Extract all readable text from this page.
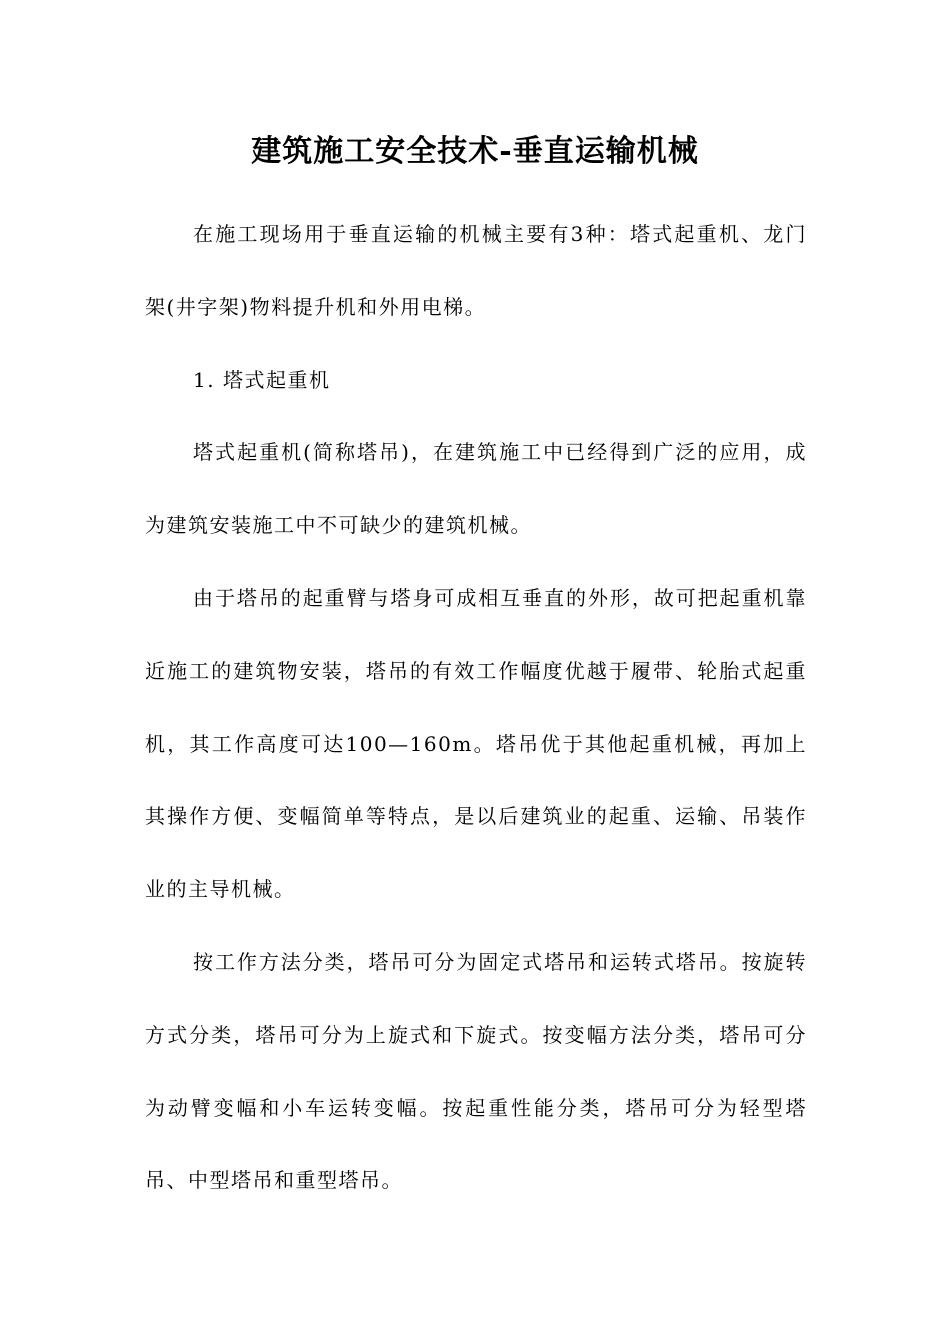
建筑施工安全技术-垂直运输机械

在施工现场用于垂直运输的机械主要有3种：塔式起重机、龙门架(井字架)物料提升机和外用电梯。

1. 塔式起重机

塔式起重机(简称塔吊)，在建筑施工中已经得到广泛的应用，成为建筑安装施工中不可缺少的建筑机械。

由于塔吊的起重臂与塔身可成相互垂直的外形，故可把起重机靠近施工的建筑物安装，塔吊的有效工作幅度优越于履带、轮胎式起重机，其工作高度可达100—160m。塔吊优于其他起重机械，再加上其操作方便、变幅简单等特点，是以后建筑业的起重、运输、吊装作业的主导机械。

按工作方法分类，塔吊可分为固定式塔吊和运转式塔吊。按旋转方式分类，塔吊可分为上旋式和下旋式。按变幅方法分类，塔吊可分为动臂变幅和小车运转变幅。按起重性能分类，塔吊可分为轻型塔吊、中型塔吊和重型塔吊。
